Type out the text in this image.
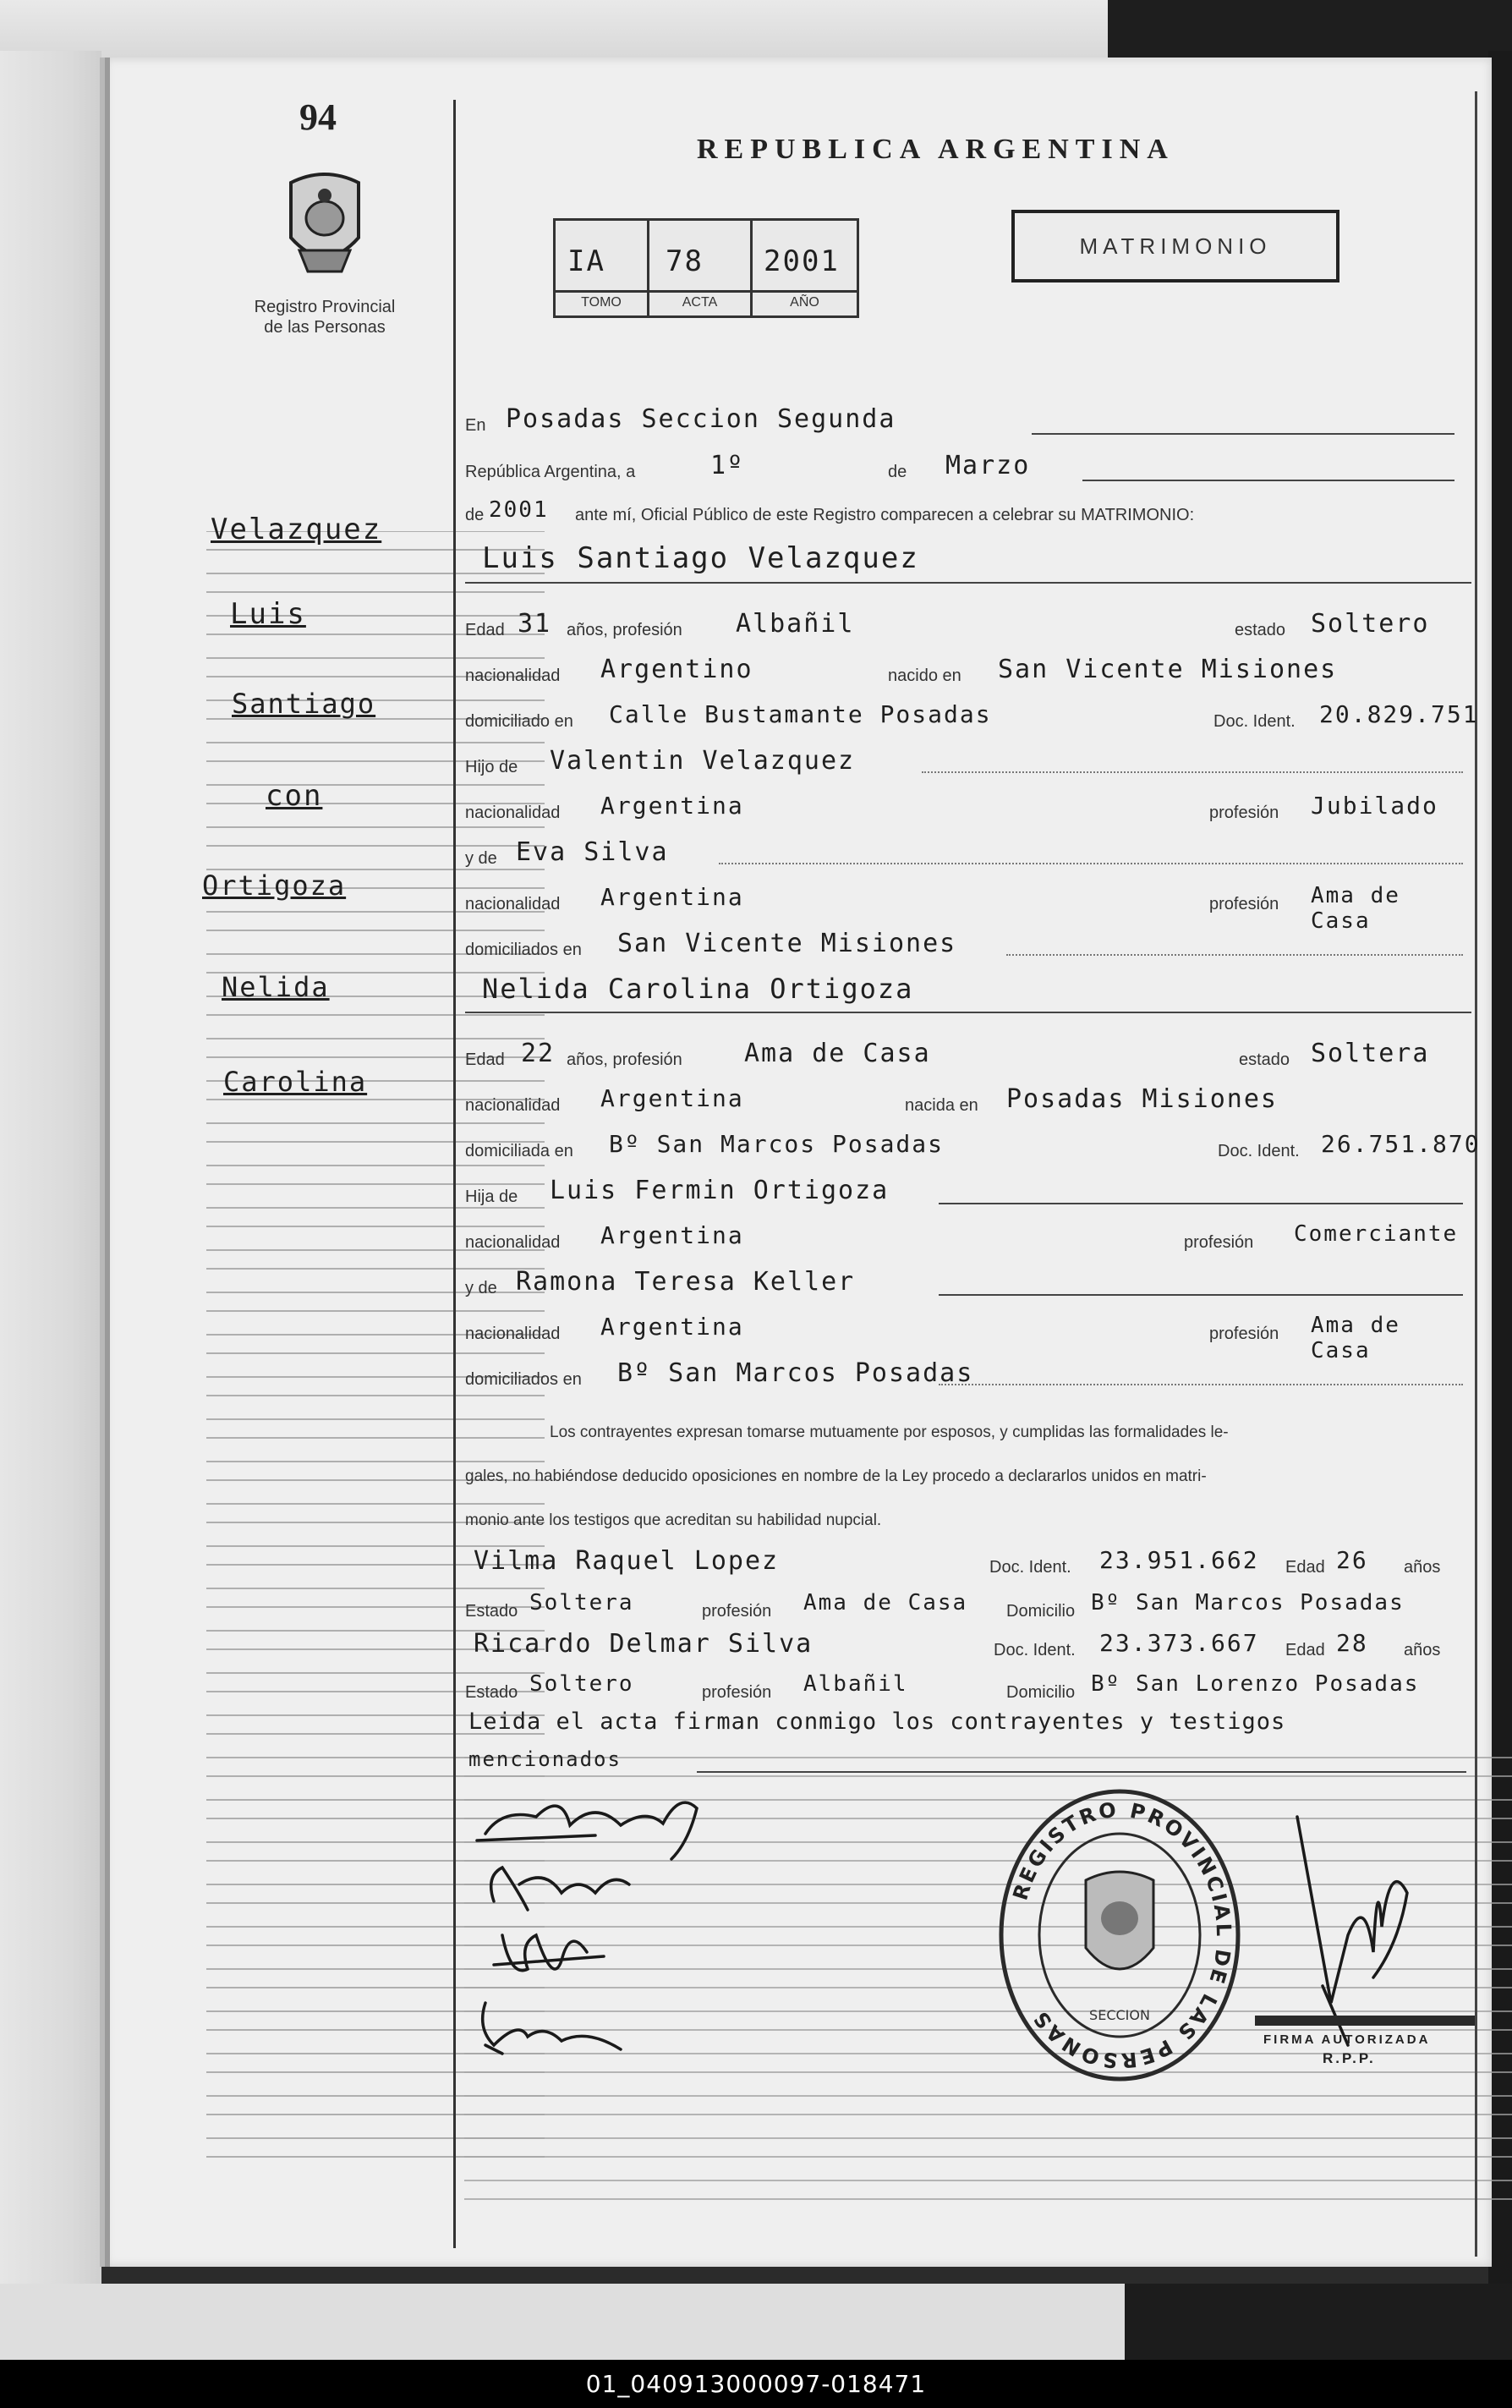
94
Registro Provincial
de las Personas
REPUBLICA ARGENTINA
IA 78 2001
TOMO	ACTA	AÑO
MATRIMONIO
Velazquez
Luis
Santiago
con
Ortigoza
Nelida
Carolina
En Posadas Seccion Segunda
República Argentina, a	1º	de Marzo
de 2001 ante mí, Oficial Público de este Registro comparecen a celebrar su MATRIMONIO:
Luis Santiago Velazquez
Edad 31 años, profesión Albañil	estado Soltero
nacionalidad Argentino	nacido en San Vicente Misiones
domiciliado en Calle Bustamante Posadas	Doc. Ident. 20.829.751
Hijo de Valentin Velazquez
nacionalidad Argentina	profesión Jubilado
y de Eva Silva
nacionalidad Argentina	profesión Ama de Casa
domiciliados en San Vicente Misiones
Nelida Carolina Ortigoza
Edad 22 años, profesión Ama de Casa	estado Soltera
nacionalidad Argentina	nacida en Posadas Misiones
domiciliada en Bº San Marcos Posadas	Doc. Ident. 26.751.870
Hija de Luis Fermin Ortigoza
nacionalidad Argentina	profesión Comerciante
y de Ramona Teresa Keller
nacionalidad Argentina	profesión Ama de Casa
domiciliados en Bº San Marcos Posadas
Los contrayentes expresan tomarse mutuamente por esposos, y cumplidas las formalidades le-
gales, no habiéndose deducido oposiciones en nombre de la Ley procedo a declararlos unidos en matri-
monio ante los testigos que acreditan su habilidad nupcial.
Vilma Raquel Lopez	Doc. Ident. 23.951.662 Edad 26 años
Estado Soltera	profesión Ama de Casa Domicilio Bº San Marcos Posadas
Ricardo Delmar Silva	Doc. Ident. 23.373.667 Edad 28 años
Estado Soltero	profesión Albañil	Domicilio Bº San Lorenzo Posadas
Leida el acta firman conmigo los contrayentes y testigos
mencionados
REGISTRO PROVINCIAL DE LAS PERSONAS	SECCION
FIRMA AUTORIZADA
R.P.P.
01_040913000097-018471
